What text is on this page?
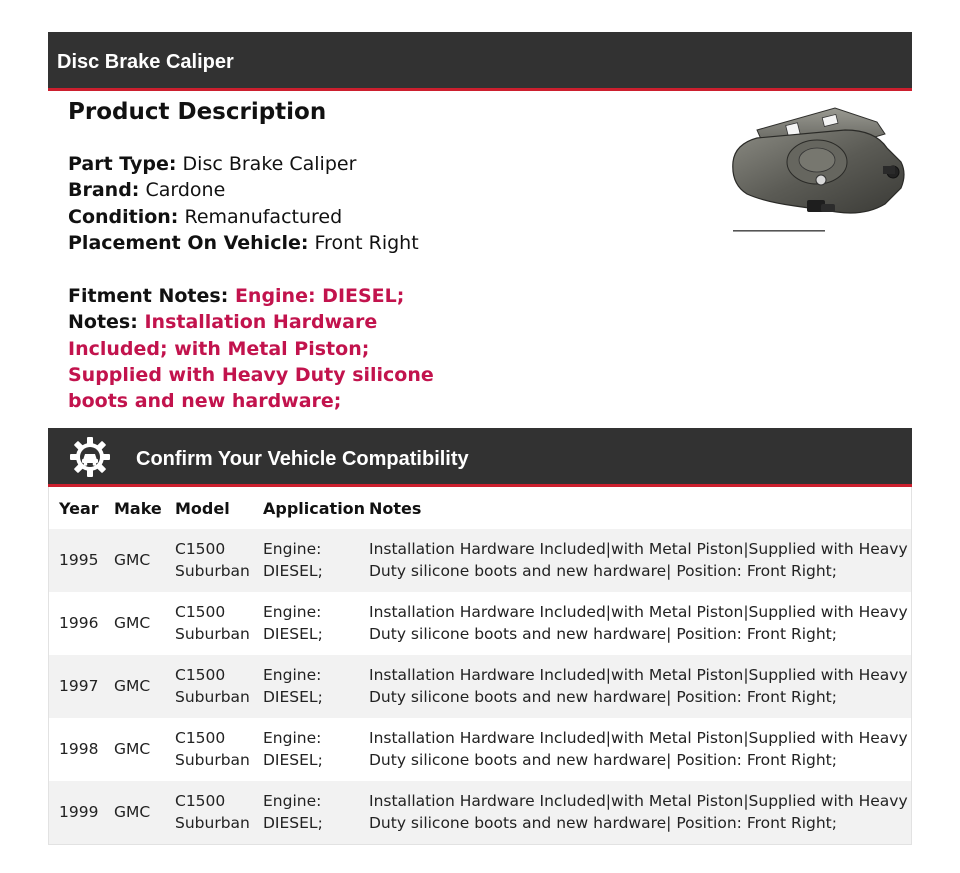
Disc Brake Caliper
Product Description
Part Type: Disc Brake Caliper
Brand: Cardone
Condition: Remanufactured
Placement On Vehicle: Front Right
Fitment Notes: Engine: DIESEL;
Notes: Installation Hardware Included; with Metal Piston; Supplied with Heavy Duty silicone boots and new hardware;
Confirm Your Vehicle Compatibility
Year	Make	Model	Application	Notes
1995	GMC	C1500 Suburban	Engine: DIESEL;	Installation Hardware Included|with Metal Piston|Supplied with Heavy Duty silicone boots and new hardware| Position: Front Right;
1996	GMC	C1500 Suburban	Engine: DIESEL;	Installation Hardware Included|with Metal Piston|Supplied with Heavy Duty silicone boots and new hardware| Position: Front Right;
1997	GMC	C1500 Suburban	Engine: DIESEL;	Installation Hardware Included|with Metal Piston|Supplied with Heavy Duty silicone boots and new hardware| Position: Front Right;
1998	GMC	C1500 Suburban	Engine: DIESEL;	Installation Hardware Included|with Metal Piston|Supplied with Heavy Duty silicone boots and new hardware| Position: Front Right;
1999	GMC	C1500 Suburban	Engine: DIESEL;	Installation Hardware Included|with Metal Piston|Supplied with Heavy Duty silicone boots and new hardware| Position: Front Right;
